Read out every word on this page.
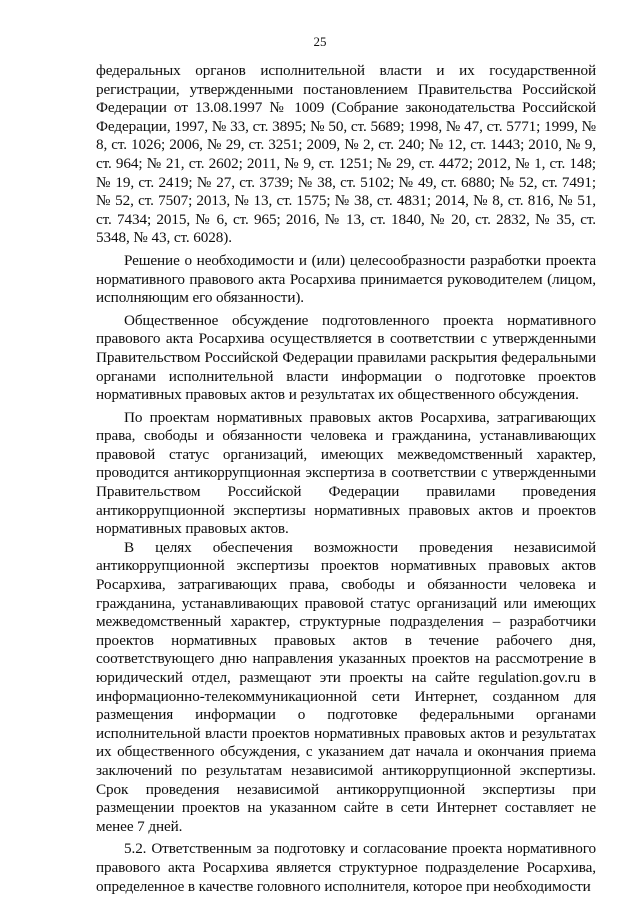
25

федеральных органов исполнительной власти и их государственной регистрации, утвержденными постановлением Правительства Российской Федерации от 13.08.1997 № 1009 (Собрание законодательства Российской Федерации, 1997, № 33, ст. 3895; № 50, ст. 5689; 1998, № 47, ст. 5771; 1999, № 8, ст. 1026; 2006, № 29, ст. 3251; 2009, № 2, ст. 240; № 12, ст. 1443; 2010, № 9, ст. 964; № 21, ст. 2602; 2011, № 9, ст. 1251; № 29, ст. 4472; 2012, № 1, ст. 148; № 19, ст. 2419; № 27, ст. 3739; № 38, ст. 5102; № 49, ст. 6880; № 52, ст. 7491; № 52, ст. 7507; 2013, № 13, ст. 1575; № 38, ст. 4831; 2014, № 8, ст. 816, № 51, ст. 7434; 2015, № 6, ст. 965; 2016, № 13, ст. 1840, № 20, ст. 2832, № 35, ст. 5348, № 43, ст. 6028).

Решение о необходимости и (или) целесообразности разработки проекта нормативного правового акта Росархива принимается руководителем (лицом, исполняющим его обязанности).

Общественное обсуждение подготовленного проекта нормативного правового акта Росархива осуществляется в соответствии с утвержденными Правительством Российской Федерации правилами раскрытия федеральными органами исполнительной власти информации о подготовке проектов нормативных правовых актов и результатах их общественного обсуждения.

По проектам нормативных правовых актов Росархива, затрагивающих права, свободы и обязанности человека и гражданина, устанавливающих правовой статус организаций, имеющих межведомственный характер, проводится антикоррупционная экспертиза в соответствии с утвержденными Правительством Российской Федерации правилами проведения антикоррупционной экспертизы нормативных правовых актов и проектов нормативных правовых актов.

В целях обеспечения возможности проведения независимой антикоррупционной экспертизы проектов нормативных правовых актов Росархива, затрагивающих права, свободы и обязанности человека и гражданина, устанавливающих правовой статус организаций или имеющих межведомственный характер, структурные подразделения – разработчики проектов нормативных правовых актов в течение рабочего дня, соответствующего дню направления указанных проектов на рассмотрение в юридический отдел, размещают эти проекты на сайте regulation.gov.ru в информационно-телекоммуникационной сети Интернет, созданном для размещения информации о подготовке федеральными органами исполнительной власти проектов нормативных правовых актов и результатах их общественного обсуждения, с указанием дат начала и окончания приема заключений по результатам независимой антикоррупционной экспертизы. Срок проведения независимой антикоррупционной экспертизы при размещении проектов на указанном сайте в сети Интернет составляет не менее 7 дней.

5.2. Ответственным за подготовку и согласование проекта нормативного правового акта Росархива является структурное подразделение Росархива, определенное в качестве головного исполнителя, которое при необходимости
